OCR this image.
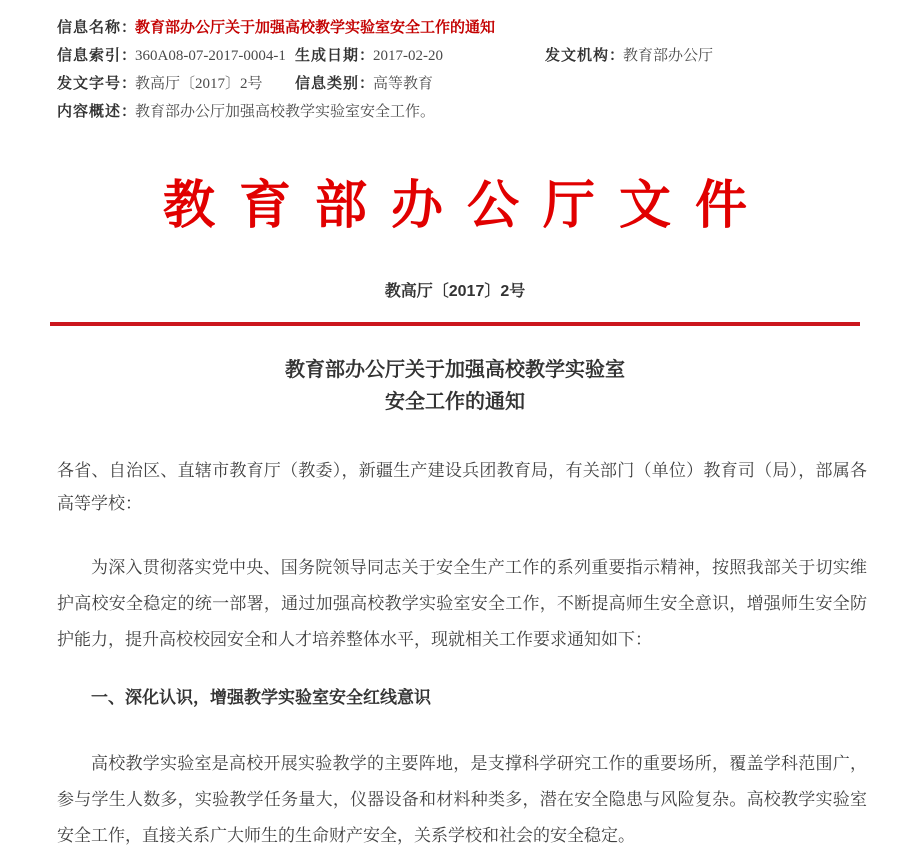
信息名称：
教育部办公厅关于加强高校教学实验室安全工作的通知
信息索引：
360A08-07-2017-0004-1 生成日期：
2017-02-20	发文机构：
教育部办公厅
发文字号：
教高厅〔2017〕2号	信息类别：
高等教育
内容概述：
教育部办公厅加强高校教学实验室安全工作。
教育部办公厅文件
教高厅〔2017〕2号
教育部办公厅关于加强高校教学实验室
安全工作的通知

各省、自治区、直辖市教育厅（教委），新疆生产建设兵团教育局，有关部门（单位）教育司（局），部属各高等学校：

为深入贯彻落实党中央、国务院领导同志关于安全生产工作的系列重要指示精神，按照我部关于切实维护高校安全稳定的统一部署，通过加强高校教学实验室安全工作，不断提高师生安全意识，增强师生安全防护能力，提升高校校园安全和人才培养整体水平，现就相关工作要求通知如下：

一、深化认识，增强教学实验室安全红线意识

高校教学实验室是高校开展实验教学的主要阵地，是支撑科学研究工作的重要场所，覆盖学科范围广，参与学生人数多，实验教学任务量大，仪器设备和材料种类多，潜在安全隐患与风险复杂。高校教学实验室安全工作，直接关系广大师生的生命财产安全，关系学校和社会的安全稳定。
